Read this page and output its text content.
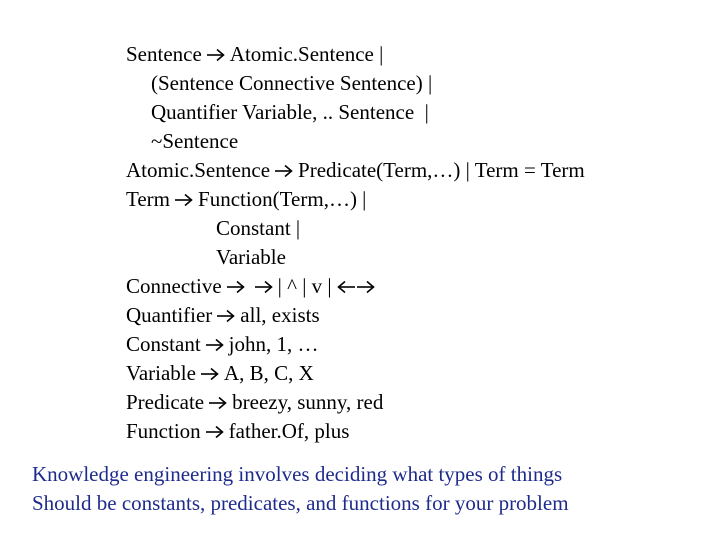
Sentence Atomic.Sentence |
(Sentence Connective Sentence) |
Quantifier Variable, .. Sentence  |
~Sentence
Atomic.Sentence Predicate(Term,…) | Term = Term
Term Function(Term,…) |
Constant |
Variable
Connective	| ^ | v |
Quantifier all, exists
Constant john, 1, …
Variable A, B, C, X
Predicate breezy, sunny, red
Function father.Of, plus
Knowledge engineering involves deciding what types of things
Should be constants, predicates, and functions for your problem
